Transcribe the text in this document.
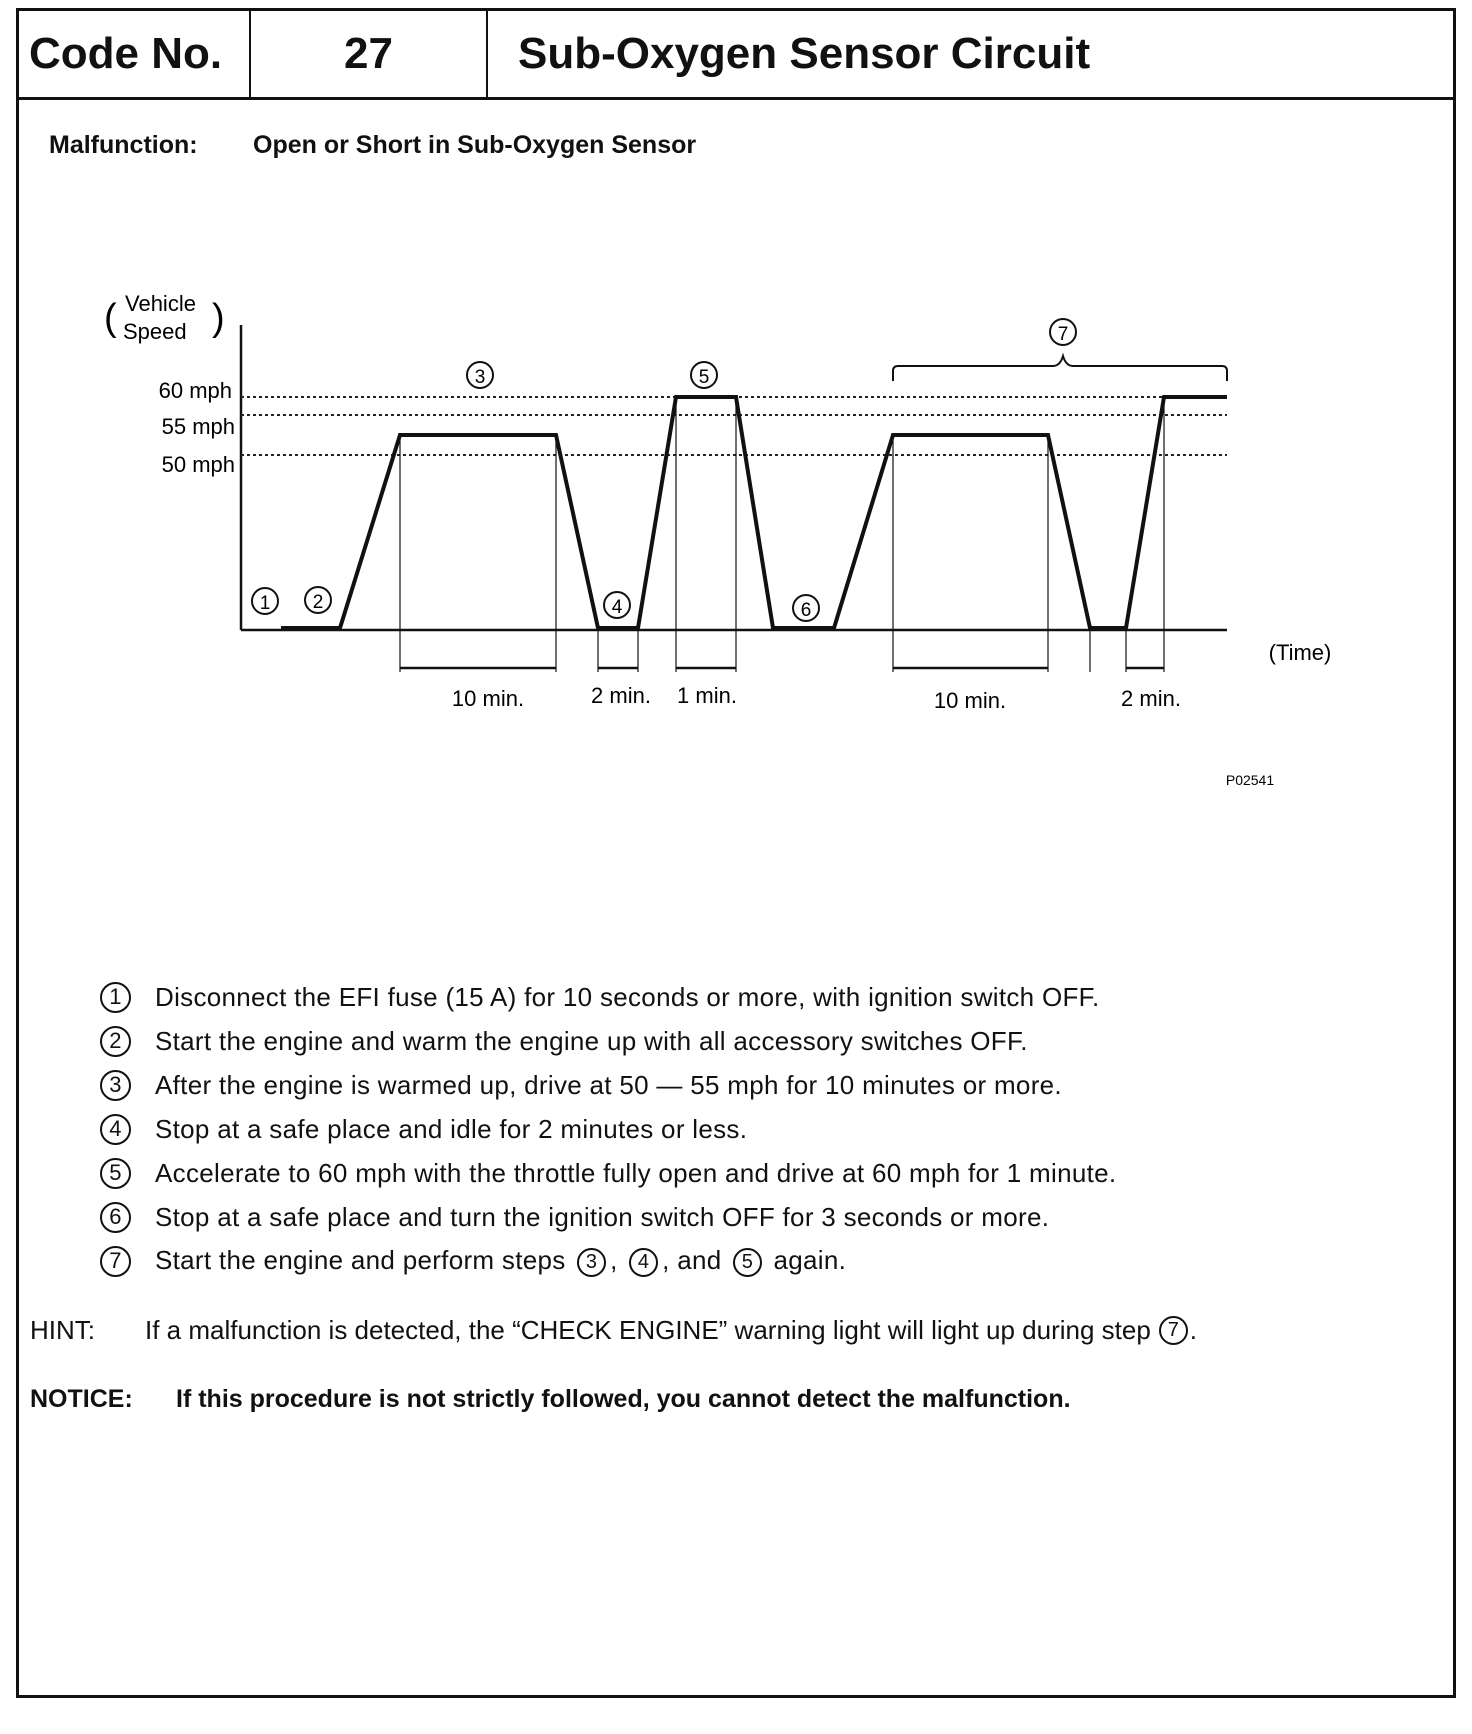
Code No.	27	Sub-Oxygen Sensor Circuit
Malfunction: Open or Short in Sub-Oxygen Sensor
( Vehicle
Speed )
60 mph
55 mph
50 mph
10 min.	2 min. 1 min.	10 min.	2 min.
(Time)
1 2
3
4
5
6
7
P02541
1	Disconnect the EFI fuse (15 A) for 10 seconds or more, with ignition switch OFF.
2	Start the engine and warm the engine up with all accessory switches OFF.
3	After the engine is warmed up, drive at 50 — 55 mph for 10 minutes or more.
4	Stop at a safe place and idle for 2 minutes or less.
5	Accelerate to 60 mph with the throttle fully open and drive at 60 mph for 1 minute.
6	Stop at a safe place and turn the ignition switch OFF for 3 seconds or more.
7	Start the engine and perform steps 3 , 4 , and 5 again.
HINT:	If a malfunction is detected, the “CHECK ENGINE” warning light will light up during step 7 .
NOTICE: If this procedure is not strictly followed, you cannot detect the malfunction.
